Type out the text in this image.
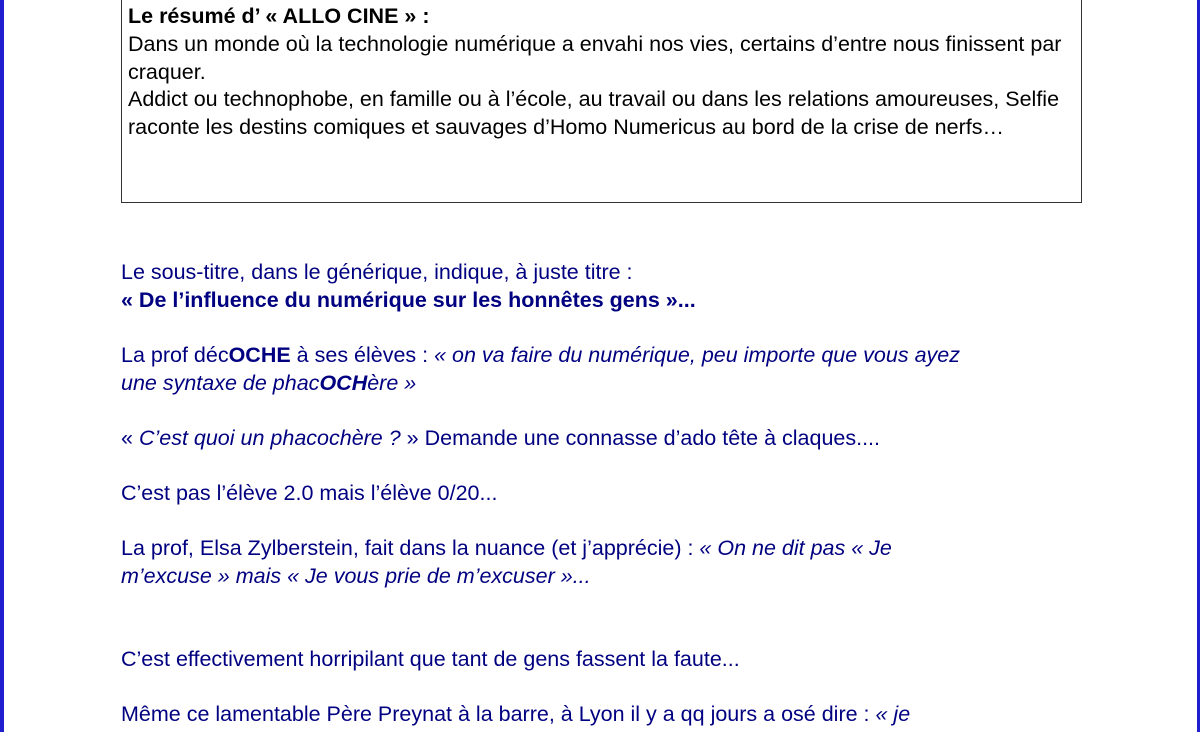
Le résumé d’ « ALLO CINE » :

Dans un monde où la technologie numérique a envahi nos vies, certains d’entre nous finissent par craquer.

Addict ou technophobe, en famille ou à l’école, au travail ou dans les relations amoureuses, Selfie raconte les destins comiques et sauvages d’Homo Numericus au bord de la crise de nerfs…

Le sous-titre, dans le générique, indique, à juste titre :

« De l’influence du numérique sur les honnêtes gens »...

La prof décOCHE à ses élèves : « on va faire du numérique, peu importe que vous ayez

une syntaxe de phacOCHère »

« C’est quoi un phacochère ? » Demande une connasse d’ado tête à claques....

C’est pas l’élève 2.0 mais l’élève 0/20...

La prof, Elsa Zylberstein, fait dans la nuance (et j’apprécie) : « On ne dit pas « Je

m’excuse » mais « Je vous prie de m’excuser »...

C’est effectivement horripilant que tant de gens fassent la faute...

Même ce lamentable Père Preynat à la barre, à Lyon il y a qq jours a osé dire : « je
